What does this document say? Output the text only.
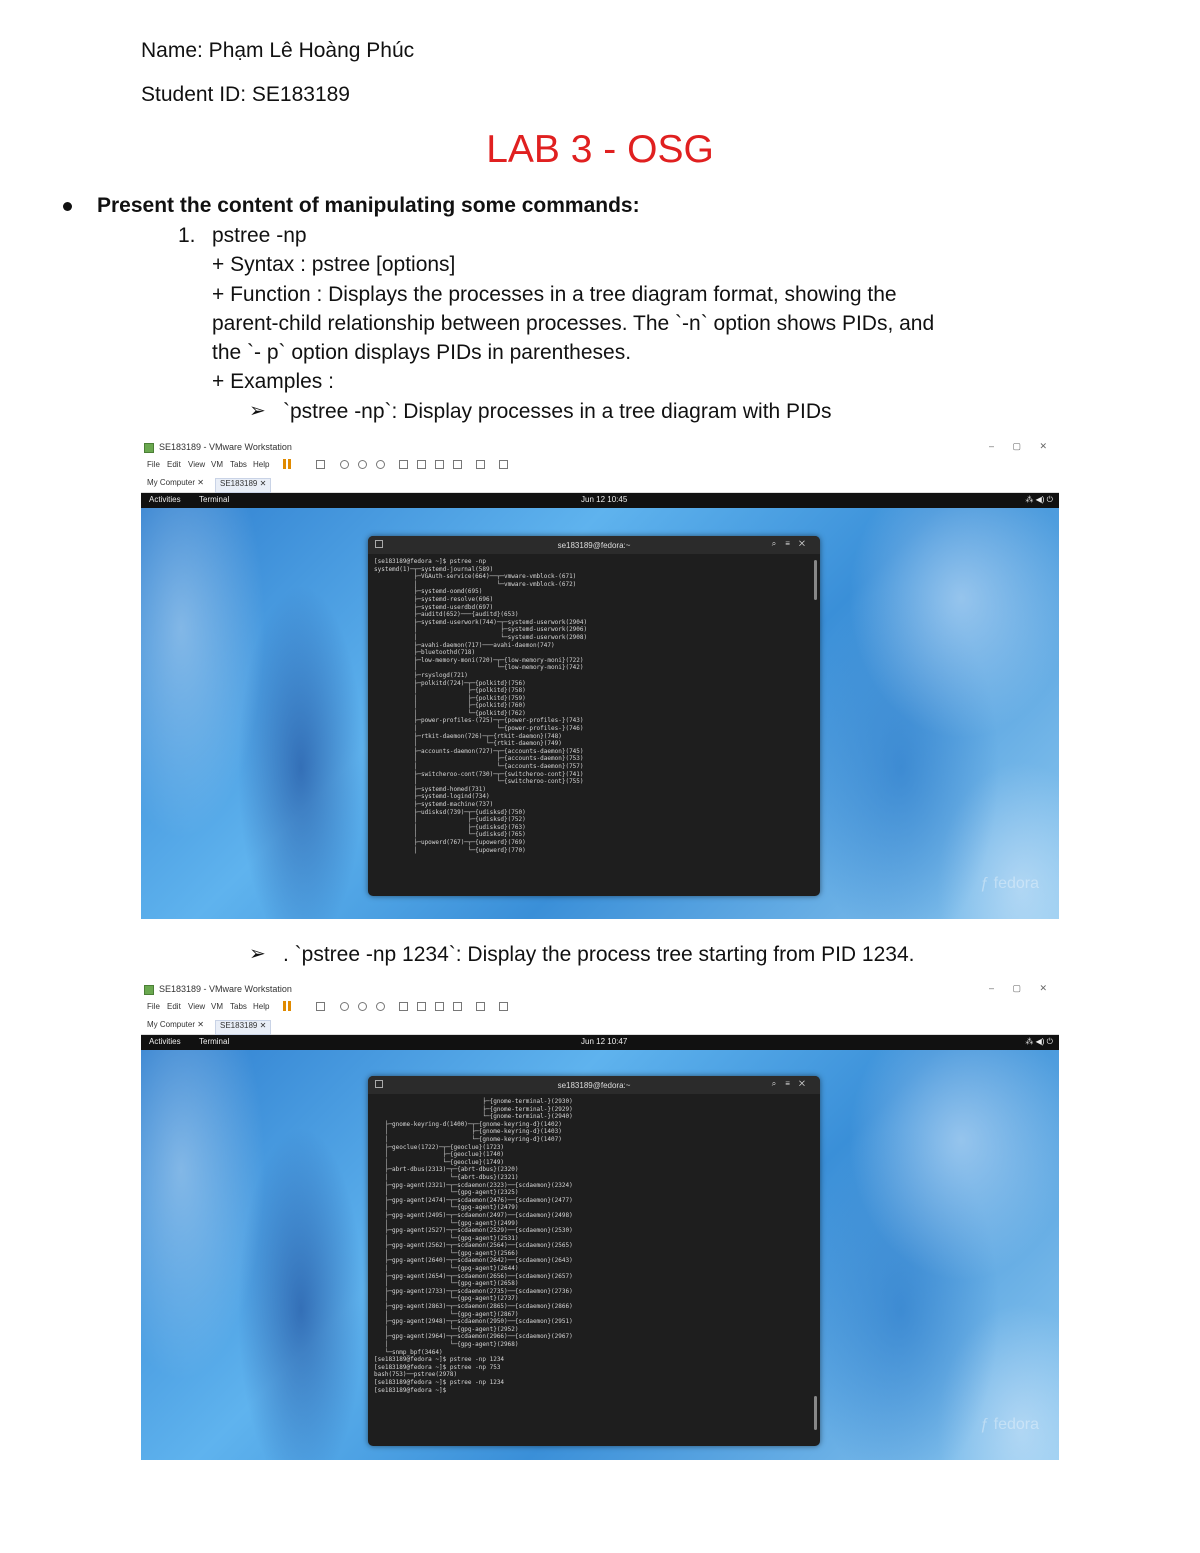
Name: Phạm Lê Hoàng Phúc
Student ID: SE183189
LAB 3 - OSG
Present the content of manipulating some commands:
1. pstree -np
+ Syntax : pstree [options]
+ Function : Displays the processes in a tree diagram format, showing the
parent-child relationship between processes. The `-n` option shows PIDs, and
the `- p` option displays PIDs in parentheses.
+ Examples :
➢ `pstree -np`: Display processes in a tree diagram with PIDs
SE183189 - VMware Workstation	– ▢ ✕
File Edit View VM Tabs Help
My Computer ✕	SE183189 ✕
Activities Terminal	Jun 12 10:45	⁂ ◀) ⏻
se183189@fedora:~	⌕≡✕
[se183189@fedora ~]$ pstree -np
systemd(1)─┬─systemd-journal(589)
├─VGAuth-service(664)──┬─vmware-vmblock-(671)
│                      └─vmware-vmblock-(672)
├─systemd-oomd(695)
├─systemd-resolve(696)
├─systemd-userdbd(697)
├─auditd(652)───{auditd}(653)
├─systemd-userwork(744)─┬─systemd-userwork(2904)
│                       ├─systemd-userwork(2906)
│                       └─systemd-userwork(2908)
├─avahi-daemon(717)───avahi-daemon(747)
├─bluetoothd(718)
├─low-memory-moni(720)─┬─{low-memory-moni}(722)
│                      └─{low-memory-moni}(742)
├─rsyslogd(721)
├─polkitd(724)─┬─{polkitd}(756)
│              ├─{polkitd}(758)
│              ├─{polkitd}(759)
│              ├─{polkitd}(760)
│              └─{polkitd}(762)
├─power-profiles-(725)─┬─{power-profiles-}(743)
│                      └─{power-profiles-}(746)
├─rtkit-daemon(726)─┬─{rtkit-daemon}(748)
│                   └─{rtkit-daemon}(749)
├─accounts-daemon(727)─┬─{accounts-daemon}(745)
│                      ├─{accounts-daemon}(753)
│                      └─{accounts-daemon}(757)
├─switcheroo-cont(730)─┬─{switcheroo-cont}(741)
│                      └─{switcheroo-cont}(755)
├─systemd-homed(731)
├─systemd-logind(734)
├─systemd-machine(737)
├─udisksd(739)─┬─{udisksd}(750)
│              ├─{udisksd}(752)
│              ├─{udisksd}(763)
│              └─{udisksd}(765)
├─upowerd(767)─┬─{upowerd}(769)
│              └─{upowerd}(770)
ƒ fedora
➢ . `pstree -np 1234`: Display the process tree starting from PID 1234.
SE183189 - VMware Workstation	– ▢ ✕
File Edit View VM Tabs Help
My Computer ✕	SE183189 ✕
Activities Terminal	Jun 12 10:47	⁂ ◀) ⏻
se183189@fedora:~	⌕≡✕
├─{gnome-terminal-}(2930)
├─{gnome-terminal-}(2929)
└─{gnome-terminal-}(2940)
├─gnome-keyring-d(1400)─┬─{gnome-keyring-d}(1402)
│                       ├─{gnome-keyring-d}(1403)
│                       └─{gnome-keyring-d}(1407)
├─geoclue(1722)─┬─{geoclue}(1723)
│               ├─{geoclue}(1740)
│               └─{geoclue}(1749)
├─abrt-dbus(2313)─┬─{abrt-dbus}(2320)
│                 └─{abrt-dbus}(2321)
├─gpg-agent(2321)─┬─scdaemon(2323)──{scdaemon}(2324)
│                 └─{gpg-agent}(2325)
├─gpg-agent(2474)─┬─scdaemon(2476)──{scdaemon}(2477)
│                 └─{gpg-agent}(2479)
├─gpg-agent(2495)─┬─scdaemon(2497)──{scdaemon}(2498)
│                 └─{gpg-agent}(2499)
├─gpg-agent(2527)─┬─scdaemon(2529)──{scdaemon}(2530)
│                 └─{gpg-agent}(2531)
├─gpg-agent(2562)─┬─scdaemon(2564)──{scdaemon}(2565)
│                 └─{gpg-agent}(2566)
├─gpg-agent(2640)─┬─scdaemon(2642)──{scdaemon}(2643)
│                 └─{gpg-agent}(2644)
├─gpg-agent(2654)─┬─scdaemon(2656)──{scdaemon}(2657)
│                 └─{gpg-agent}(2658)
├─gpg-agent(2733)─┬─scdaemon(2735)──{scdaemon}(2736)
│                 └─{gpg-agent}(2737)
├─gpg-agent(2863)─┬─scdaemon(2865)──{scdaemon}(2866)
│                 └─{gpg-agent}(2867)
├─gpg-agent(2948)─┬─scdaemon(2950)──{scdaemon}(2951)
│                 └─{gpg-agent}(2952)
├─gpg-agent(2964)─┬─scdaemon(2966)──{scdaemon}(2967)
│                 └─{gpg-agent}(2968)
└─snmp_bpf(3464)
[se183189@fedora ~]$ pstree -np 1234
[se183189@fedora ~]$ pstree -np 753
bash(753)──pstree(2978)
[se183189@fedora ~]$ pstree -np 1234
[se183189@fedora ~]$
ƒ fedora
